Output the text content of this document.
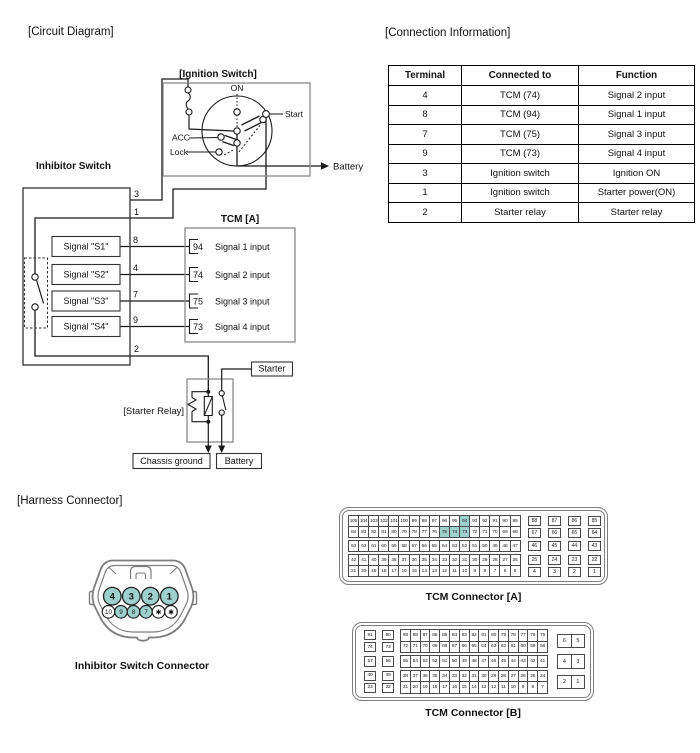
[Circuit Diagram]	[Connection Information]
[Harness Connector]
Terminal	Connected to	Function
4	TCM (74)	Signal 2 input
8	TCM (94)	Signal 1 input
7	TCM (75)	Signal 3 input
9	TCM (73)	Signal 4 input
3	Ignition switch	Ignition ON
1	Ignition switch	Starter power(ON)
2	Starter relay	Starter relay
Battery
3
1
8
4
7
9
2
[Ignition Switch]
ON
Start
ACC
Lock
Inhibitor Switch
Signal "S1"
Signal "S2"
Signal "S3"
Signal "S4"
TCM [A]
94 Signal 1 input
74 Signal 2 input
75 Signal 3 input
73 Signal 4 input
[Starter Relay]
Starter
Chassis ground Battery
4 3 2 1
10 9 8 7 ✱ ✱
Inhibitor Switch Connector
105 104 103 102 101 100 99	98	97	96	95	94	93	92	91	90	89
84	83	82	81	80	79	78	77	76	75	74	73	72	71	70	69	68
88	87	86	85
67	66	65	64
63	62	61	60	59	58	57	56	55	54	53	52	51	50	49	48	47	46	45	44	43
42	41	40	39	38	37	36	35	34	33	32	31	30	29	28	27	26
21	20	19	18	17	16	15	14	13	12	11	10	9	8	7	6	5
25	24	23	22
4	3	2	1
TCM Connector [A]
91
74
90
73
89 88 87 86 85 84 83 82 81 80 79 78 77 76 75
72 71 70 69 68 67 66 65 64 63 62 61 60 59 58
6	5
57	56	55 54 53 52 51 50 49 48 47 46 45 44 43 42 41	4	3
40
23
39
22
38 37 36 35 34 33 32 31 30 29 28 27 26 25 24
21 20 19 18 17 16 15 14 13 12	11	10	9	8	7
2	1
TCM Connector [B]
